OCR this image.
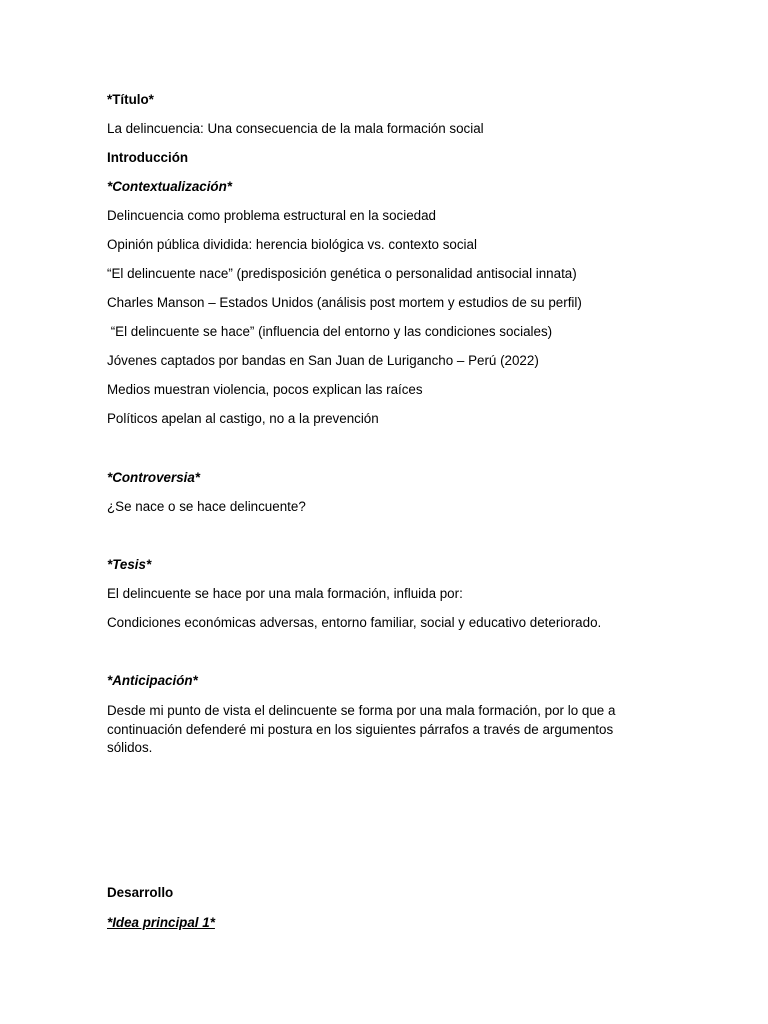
*Título*

La delincuencia: Una consecuencia de la mala formación social

Introducción

*Contextualización*

Delincuencia como problema estructural en la sociedad

Opinión pública dividida: herencia biológica vs. contexto social

“El delincuente nace” (predisposición genética o personalidad antisocial innata)

Charles Manson – Estados Unidos (análisis post mortem y estudios de su perfil)

“El delincuente se hace” (influencia del entorno y las condiciones sociales)

Jóvenes captados por bandas en San Juan de Lurigancho – Perú (2022)

Medios muestran violencia, pocos explican las raíces

Políticos apelan al castigo, no a la prevención

*Controversia*

¿Se nace o se hace delincuente?

*Tesis*

El delincuente se hace por una mala formación, influida por:

Condiciones económicas adversas, entorno familiar, social y educativo deteriorado.

*Anticipación*

Desde mi punto de vista el delincuente se forma por una mala formación, por lo que a continuación defenderé mi postura en los siguientes párrafos a través de argumentos sólidos.

Desarrollo

*Idea principal 1*
